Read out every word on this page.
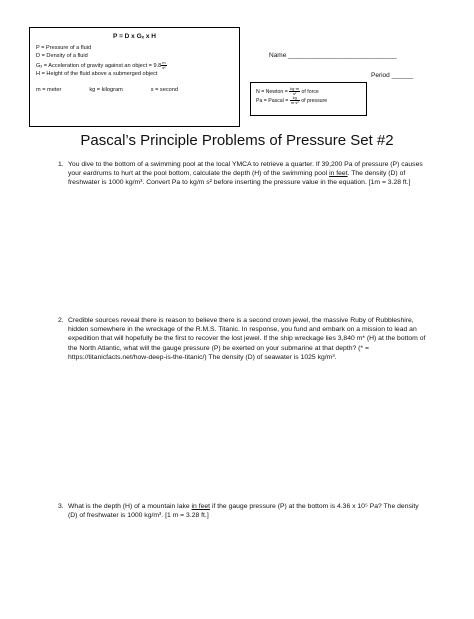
P = D x Gₓ x H
P = Pressure of a fluid
D = Density of a fluid
Gₓ = Acceleration of gravity against an object = $9.8 \frac{m}{\text{s²}}$
H = Height of the fluid above a submerged object
m = meter	kg = kilogram	s = second
Name ______________________________
Period ______
N = Newton = $\frac{kg\cdot m}{\text{s²}}$ of force
Pa = Pascal = $\frac{kg}{\text{m·s²}}$ of pressure
Pascal’s Principle Problems of Pressure Set #2
1. You dive to the bottom of a swimming pool at the local YMCA to retrieve a quarter. If 39,200 Pa of pressure (P) causes your eardrums to hurt at the pool bottom, calculate the depth (H) of the swimming pool in feet. The density (D) of freshwater is 1000 kg/m³. Convert Pa to kg/m s² before inserting the pressure value in the equation. [1m = 3.28 ft.]
2. Credible sources reveal there is reason to believe there is a second crown jewel, the massive Ruby of Rubbleshire, hidden somewhere in the wreckage of the R.M.S. Titanic. In response, you fund and embark on a mission to lead an expedition that will hopefully be the first to recover the lost jewel. If the ship wreckage lies 3,840 m* (H) at the bottom of the North Atlantic, what will the gauge pressure (P) be exerted on your submarine at that depth? (* = https://titanicfacts.net/how-deep-is-the-titanic/) The density (D) of seawater is 1025 kg/m³.
3. What is the depth (H) of a mountain lake in feet if the gauge pressure (P) at the bottom is 4.36 x 10⁵ Pa? The density (D) of freshwater is 1000 kg/m³. [1 m = 3.28 ft.]
